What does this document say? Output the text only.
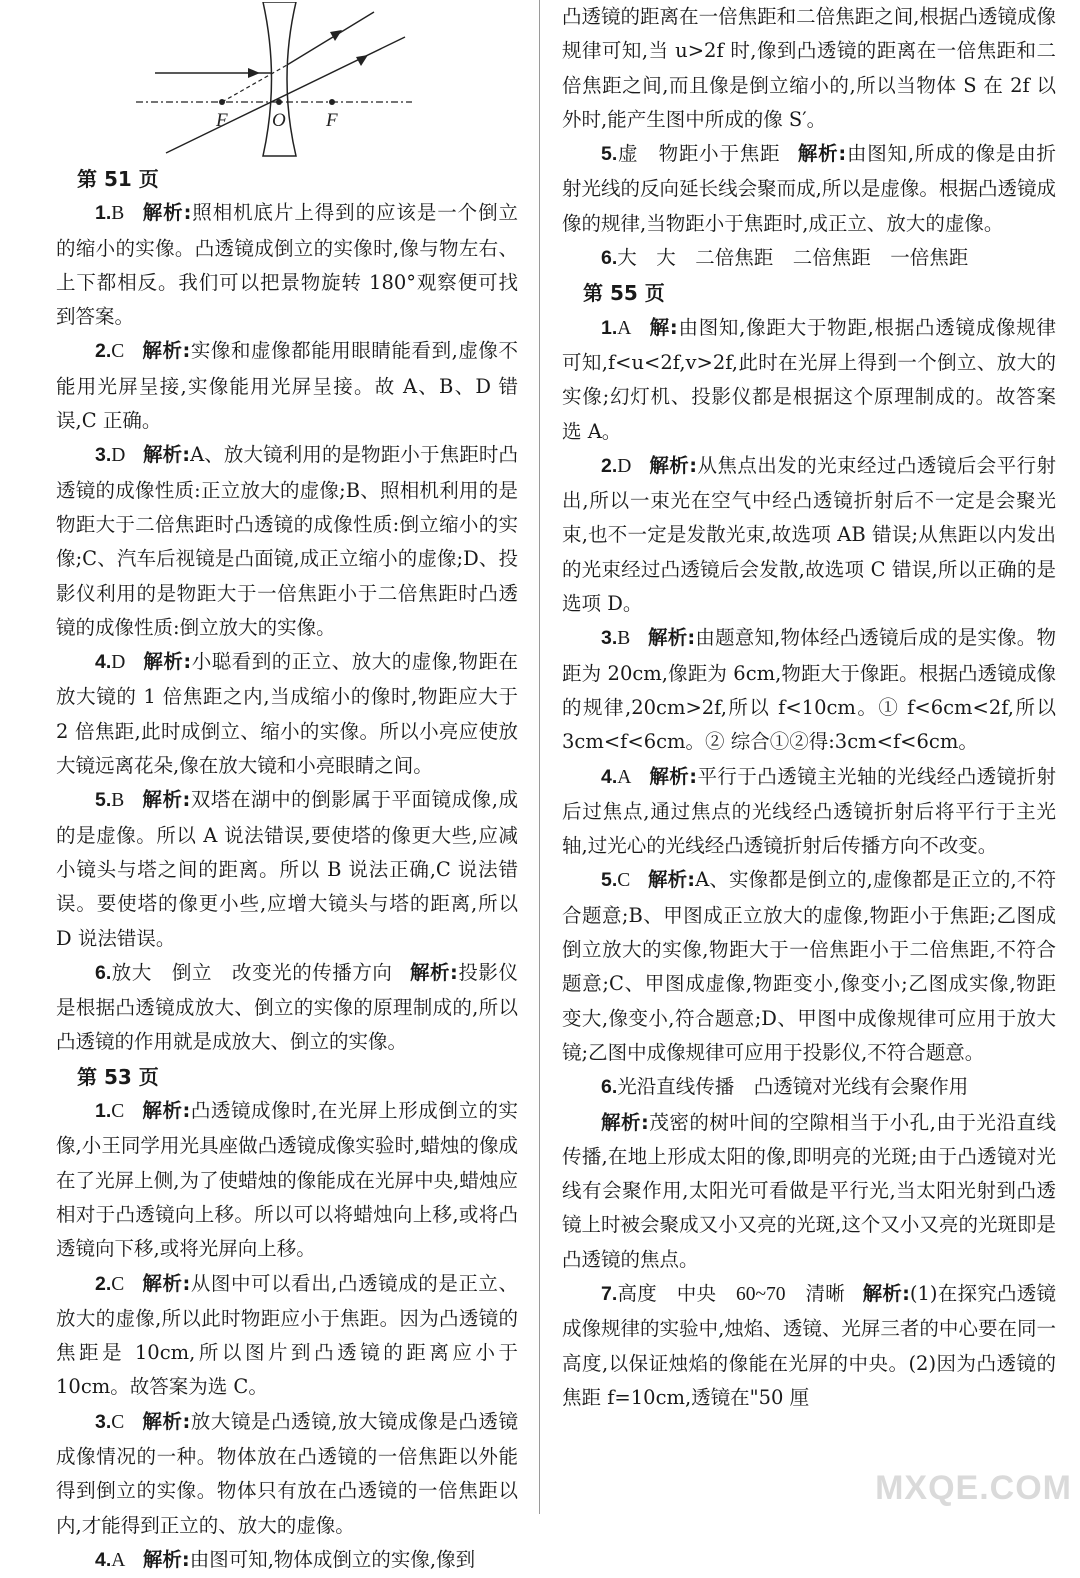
F O F
第 51 页

1.B 解析:照相机底片上得到的应该是一个倒立的缩小的实像。凸透镜成倒立的实像时,像与物左右、上下都相反。我们可以把景物旋转 180°观察便可找到答案。

2.C 解析:实像和虚像都能用眼睛能看到,虚像不能用光屏呈接,实像能用光屏呈接。故 A、B、D 错误,C 正确。

3.D 解析:A、放大镜利用的是物距小于焦距时凸透镜的成像性质:正立放大的虚像;B、照相机利用的是物距大于二倍焦距时凸透镜的成像性质:倒立缩小的实像;C、汽车后视镜是凸面镜,成正立缩小的虚像;D、投影仪利用的是物距大于一倍焦距小于二倍焦距时凸透镜的成像性质:倒立放大的实像。

4.D 解析:小聪看到的正立、放大的虚像,物距在放大镜的 1 倍焦距之内,当成缩小的像时,物距应大于 2 倍焦距,此时成倒立、缩小的实像。所以小亮应使放大镜远离花朵,像在放大镜和小亮眼睛之间。

5.B 解析:双塔在湖中的倒影属于平面镜成像,成的是虚像。所以 A 说法错误,要使塔的像更大些,应减小镜头与塔之间的距离。所以 B 说法正确,C 说法错误。要使塔的像更小些,应增大镜头与塔的距离,所以 D 说法错误。

6.放大　倒立　改变光的传播方向 解析:投影仪是根据凸透镜成放大、倒立的实像的原理制成的,所以凸透镜的作用就是成放大、倒立的实像。

第 53 页

1.C 解析:凸透镜成像时,在光屏上形成倒立的实像,小王同学用光具座做凸透镜成像实验时,蜡烛的像成在了光屏上侧,为了使蜡烛的像能成在光屏中央,蜡烛应相对于凸透镜向上移。所以可以将蜡烛向上移,或将凸透镜向下移,或将光屏向上移。

2.C 解析:从图中可以看出,凸透镜成的是正立、放大的虚像,所以此时物距应小于焦距。因为凸透镜的焦距是 10cm,所以图片到凸透镜的距离应小于 10cm。故答案为选 C。

3.C 解析:放大镜是凸透镜,放大镜成像是凸透镜成像情况的一种。物体放在凸透镜的一倍焦距以外能得到倒立的实像。物体只有放在凸透镜的一倍焦距以内,才能得到正立的、放大的虚像。

4.A 解析:由图可知,物体成倒立的实像,像到

凸透镜的距离在一倍焦距和二倍焦距之间,根据凸透镜成像规律可知,当 u>2f 时,像到凸透镜的距离在一倍焦距和二倍焦距之间,而且像是倒立缩小的,所以当物体 S 在 2f 以外时,能产生图中所成的像 S′。

5.虚　物距小于焦距 解析:由图知,所成的像是由折射光线的反向延长线会聚而成,所以是虚像。根据凸透镜成像的规律,当物距小于焦距时,成正立、放大的虚像。

6.大　大　二倍焦距　二倍焦距　一倍焦距

第 55 页

1.A 解:由图知,像距大于物距,根据凸透镜成像规律可知,f<u<2f,v>2f,此时在光屏上得到一个倒立、放大的实像;幻灯机、投影仪都是根据这个原理制成的。故答案选 A。

2.D 解析:从焦点出发的光束经过凸透镜后会平行射出,所以一束光在空气中经凸透镜折射后不一定是会聚光束,也不一定是发散光束,故选项 AB 错误;从焦距以内发出的光束经过凸透镜后会发散,故选项 C 错误,所以正确的是选项 D。

3.B 解析:由题意知,物体经凸透镜后成的是实像。物距为 20cm,像距为 6cm,物距大于像距。根据凸透镜成像的规律,20cm>2f,所以 f<10cm。① f<6cm<2f,所以 3cm<f<6cm。② 综合①②得:3cm<f<6cm。

4.A 解析:平行于凸透镜主光轴的光线经凸透镜折射后过焦点,通过焦点的光线经凸透镜折射后将平行于主光轴,过光心的光线经凸透镜折射后传播方向不改变。

5.C 解析:A、实像都是倒立的,虚像都是正立的,不符合题意;B、甲图成正立放大的虚像,物距小于焦距;乙图成倒立放大的实像,物距大于一倍焦距小于二倍焦距,不符合题意;C、甲图成虚像,物距变小,像变小;乙图成实像,物距变大,像变小,符合题意;D、甲图中成像规律可应用于放大镜;乙图中成像规律可应用于投影仪,不符合题意。

6.光沿直线传播　凸透镜对光线有会聚作用

解析:茂密的树叶间的空隙相当于小孔,由于光沿直线传播,在地上形成太阳的像,即明亮的光斑;由于凸透镜对光线有会聚作用,太阳光可看做是平行光,当太阳光射到凸透镜上时被会聚成又小又亮的光斑,这个又小又亮的光斑即是凸透镜的焦点。

7.高度　中央　60~70　清晰 解析:(1)在探究凸透镜成像规律的实验中,烛焰、透镜、光屏三者的中心要在同一高度,以保证烛焰的像能在光屏的中央。(2)因为凸透镜的焦距 f=10cm,透镜在"50 厘

MXQE.COM
